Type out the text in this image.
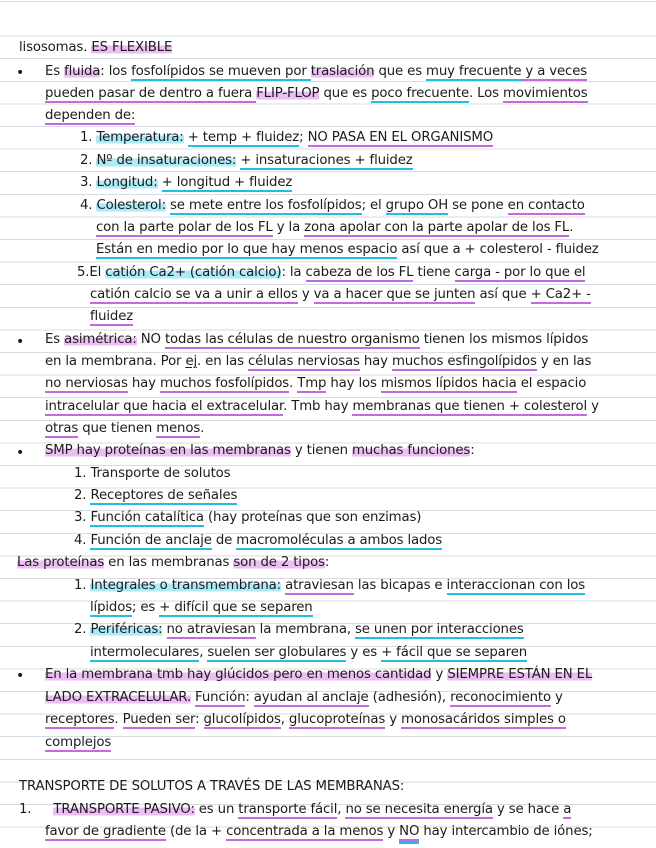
•
•
•
•
lisosomas. ES FLEXIBLE
Es fluida: los fosfolípidos se mueven por traslación que es muy frecuente y a veces
pueden pasar de dentro a fuera FLIP-FLOP que es poco frecuente. Los movimientos
dependen de:
1. Temperatura: + temp + fluidez; NO PASA EN EL ORGANISMO
2. Nº de insaturaciones: + insaturaciones + fluidez
3. Longitud: + longitud + fluidez
4. Colesterol: se mete entre los fosfolípidos; el grupo OH se pone en contacto
con la parte polar de los FL y la zona apolar con la parte apolar de los FL.
Están en medio por lo que hay menos espacio así que a + colesterol - fluidez
5.El catión Ca2+ (catión calcio): la cabeza de los FL tiene carga - por lo que el
catión calcio se va a unir a ellos y va a hacer que se junten así que + Ca2+ -
fluidez
Es asimétrica: NO todas las células de nuestro organismo tienen los mismos lípidos
en la membrana. Por ej. en las células nerviosas hay muchos esfingolípidos y en las
no nerviosas hay muchos fosfolípidos. Tmp hay los mismos lípidos hacia el espacio
intracelular que hacia el extracelular. Tmb hay membranas que tienen + colesterol y
otras que tienen menos.
SMP hay proteínas en las membranas y tienen muchas funciones:
1. Transporte de solutos
2. Receptores de señales
3. Función catalítica (hay proteínas que son enzimas)
4. Función de anclaje de macromoléculas a ambos lados
Las proteínas en las membranas son de 2 tipos:
1. Integrales o transmembrana: atraviesan las bicapas e interaccionan con los
lípidos; es + difícil que se separen
2. Periféricas: no atraviesan la membrana, se unen por interacciones
intermoleculares, suelen ser globulares y es + fácil que se separen
En la membrana tmb hay glúcidos pero en menos cantidad y SIEMPRE ESTÁN EN EL
LADO EXTRACELULAR. Función: ayudan al anclaje (adhesión), reconocimiento y
receptores. Pueden ser: glucolípidos, glucoproteínas y monosacáridos simples o
complejos
TRANSPORTE DE SOLUTOS A TRAVÉS DE LAS MEMBRANAS:
1. TRANSPORTE PASIVO: es un transporte fácil, no se necesita energía y se hace a
favor de gradiente (de la + concentrada a la menos y NO hay intercambio de iónes;
